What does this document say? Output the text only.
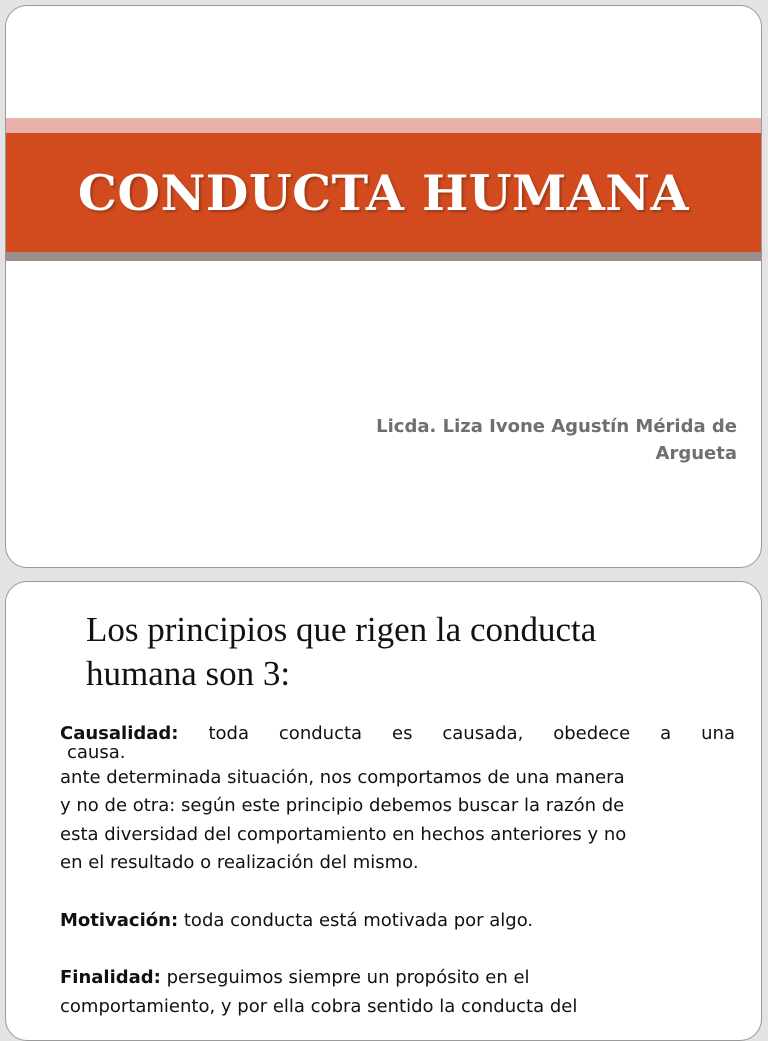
CONDUCTA HUMANA
Licda. Liza Ivone Agustín Mérida de
Argueta
Los principios que rigen la conducta
humana son 3:

Causalidad: toda conducta es causada, obedece a una

causa.

ante determinada situación, nos comportamos de una manera

y no de otra: según este principio debemos buscar la razón de

esta diversidad del comportamiento en hechos anteriores y no

en el resultado o realización del mismo.

Motivación: toda conducta está motivada por algo.

Finalidad: perseguimos siempre un propósito en el

comportamiento, y por ella cobra sentido la conducta del
